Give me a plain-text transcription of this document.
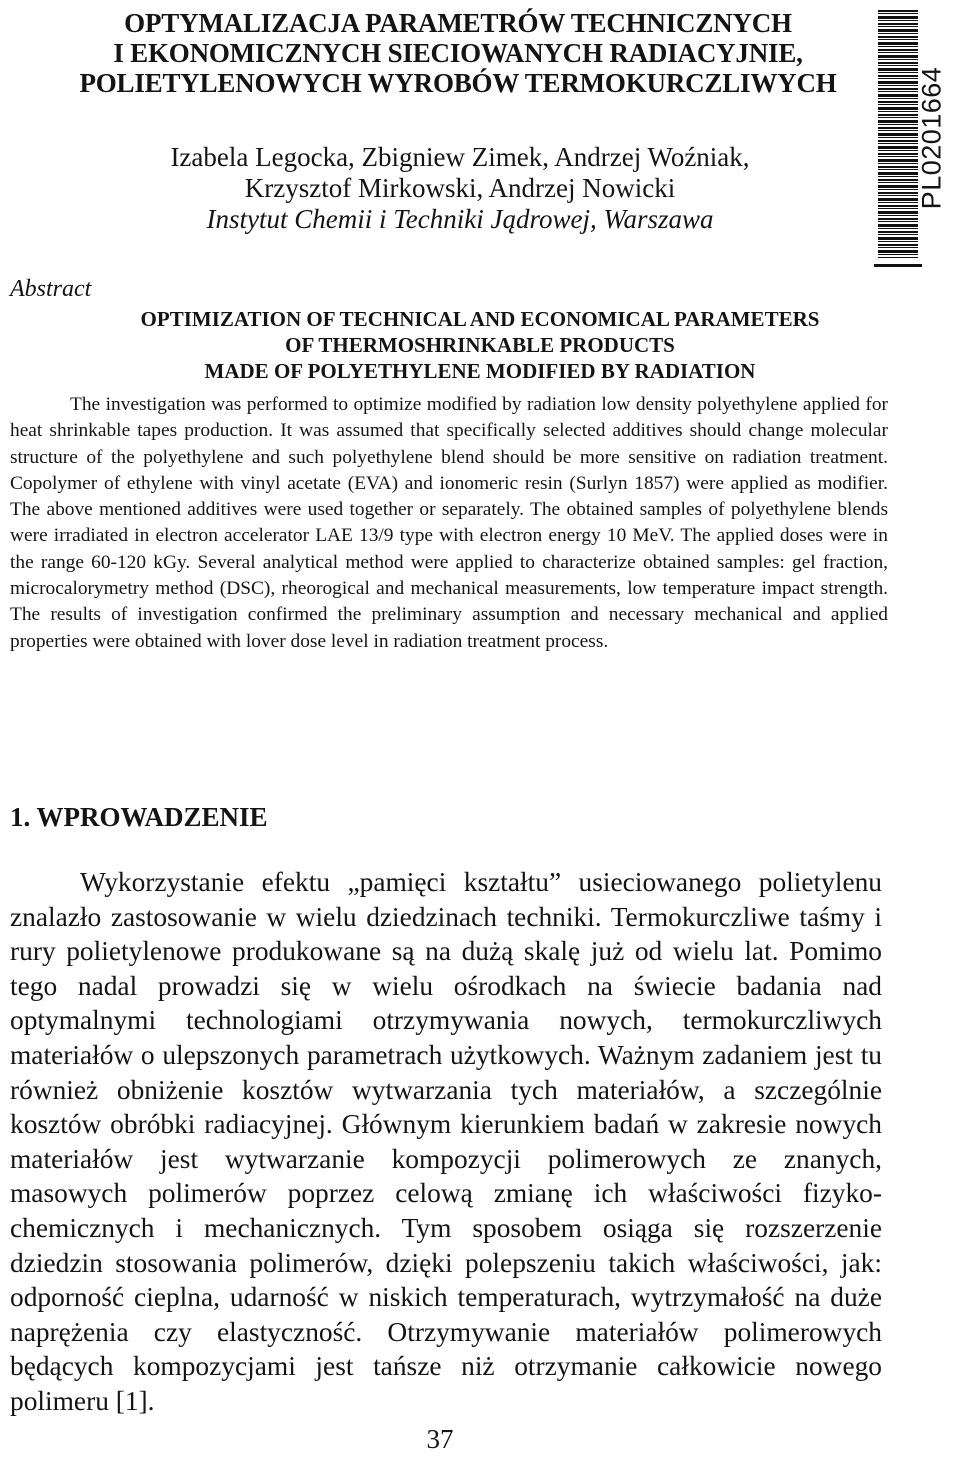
OPTYMALIZACJA PARAMETRÓW TECHNICZNYCH
I EKONOMICZNYCH SIECIOWANYCH RADIACYJNIE,
POLIETYLENOWYCH WYROBÓW TERMOKURCZLIWYCH
Izabela Legocka, Zbigniew Zimek, Andrzej Woźniak,
Krzysztof Mirkowski, Andrzej Nowicki
Instytut Chemii i Techniki Jądrowej, Warszawa
PL0201664
Abstract
OPTIMIZATION OF TECHNICAL AND ECONOMICAL PARAMETERS
OF THERMOSHRINKABLE PRODUCTS
MADE OF POLYETHYLENE MODIFIED BY RADIATION

The investigation was performed to optimize modified by radiation low density polyethylene applied for heat shrinkable tapes production. It was assumed that specifically selected additives should change molecular structure of the polyethylene and such polyethylene blend should be more sensitive on radiation treatment. Copolymer of ethylene with vinyl acetate (EVA) and ionomeric resin (Surlyn 1857) were applied as modifier. The above mentioned additives were used together or separately. The obtained samples of polyethylene blends were irradiated in electron accelerator LAE 13/9 type with electron energy 10 MeV. The applied doses were in the range 60-120 kGy. Several analytical method were applied to characterize obtained samples: gel fraction, microcalorymetry method (DSC), rheorogical and mechanical measurements, low temperature impact strength. The results of investigation confirmed the preliminary assumption and necessary mechanical and applied properties were obtained with lover dose level in radiation treatment process.

1. WPROWADZENIE

Wykorzystanie efektu „pamięci kształtu” usieciowanego polietylenu znalazło zastosowanie w wielu dziedzinach techniki. Termokurczliwe taśmy i rury polietylenowe produkowane są na dużą skalę już od wielu lat. Pomimo tego nadal prowadzi się w wielu ośrodkach na świecie badania nad optymalnymi technologiami otrzymywania nowych, termokurczliwych materiałów o ulepszonych parametrach użytkowych. Ważnym zadaniem jest tu również obniżenie kosztów wytwarzania tych materiałów, a szczególnie kosztów obróbki radiacyjnej. Głównym kierunkiem badań w zakresie nowych materiałów jest wytwarzanie kompozycji polimerowych ze znanych, masowych polimerów poprzez celową zmianę ich właściwości fizyko-chemicznych i mechanicznych. Tym sposobem osiąga się rozszerzenie dziedzin stosowania polimerów, dzięki polepszeniu takich właściwości, jak: odporność cieplna, udarność w niskich temperaturach, wytrzymałość na duże naprężenia czy elastyczność. Otrzymywanie materiałów polimerowych będących kompozycjami jest tańsze niż otrzymanie całkowicie nowego polimeru [1].

37
